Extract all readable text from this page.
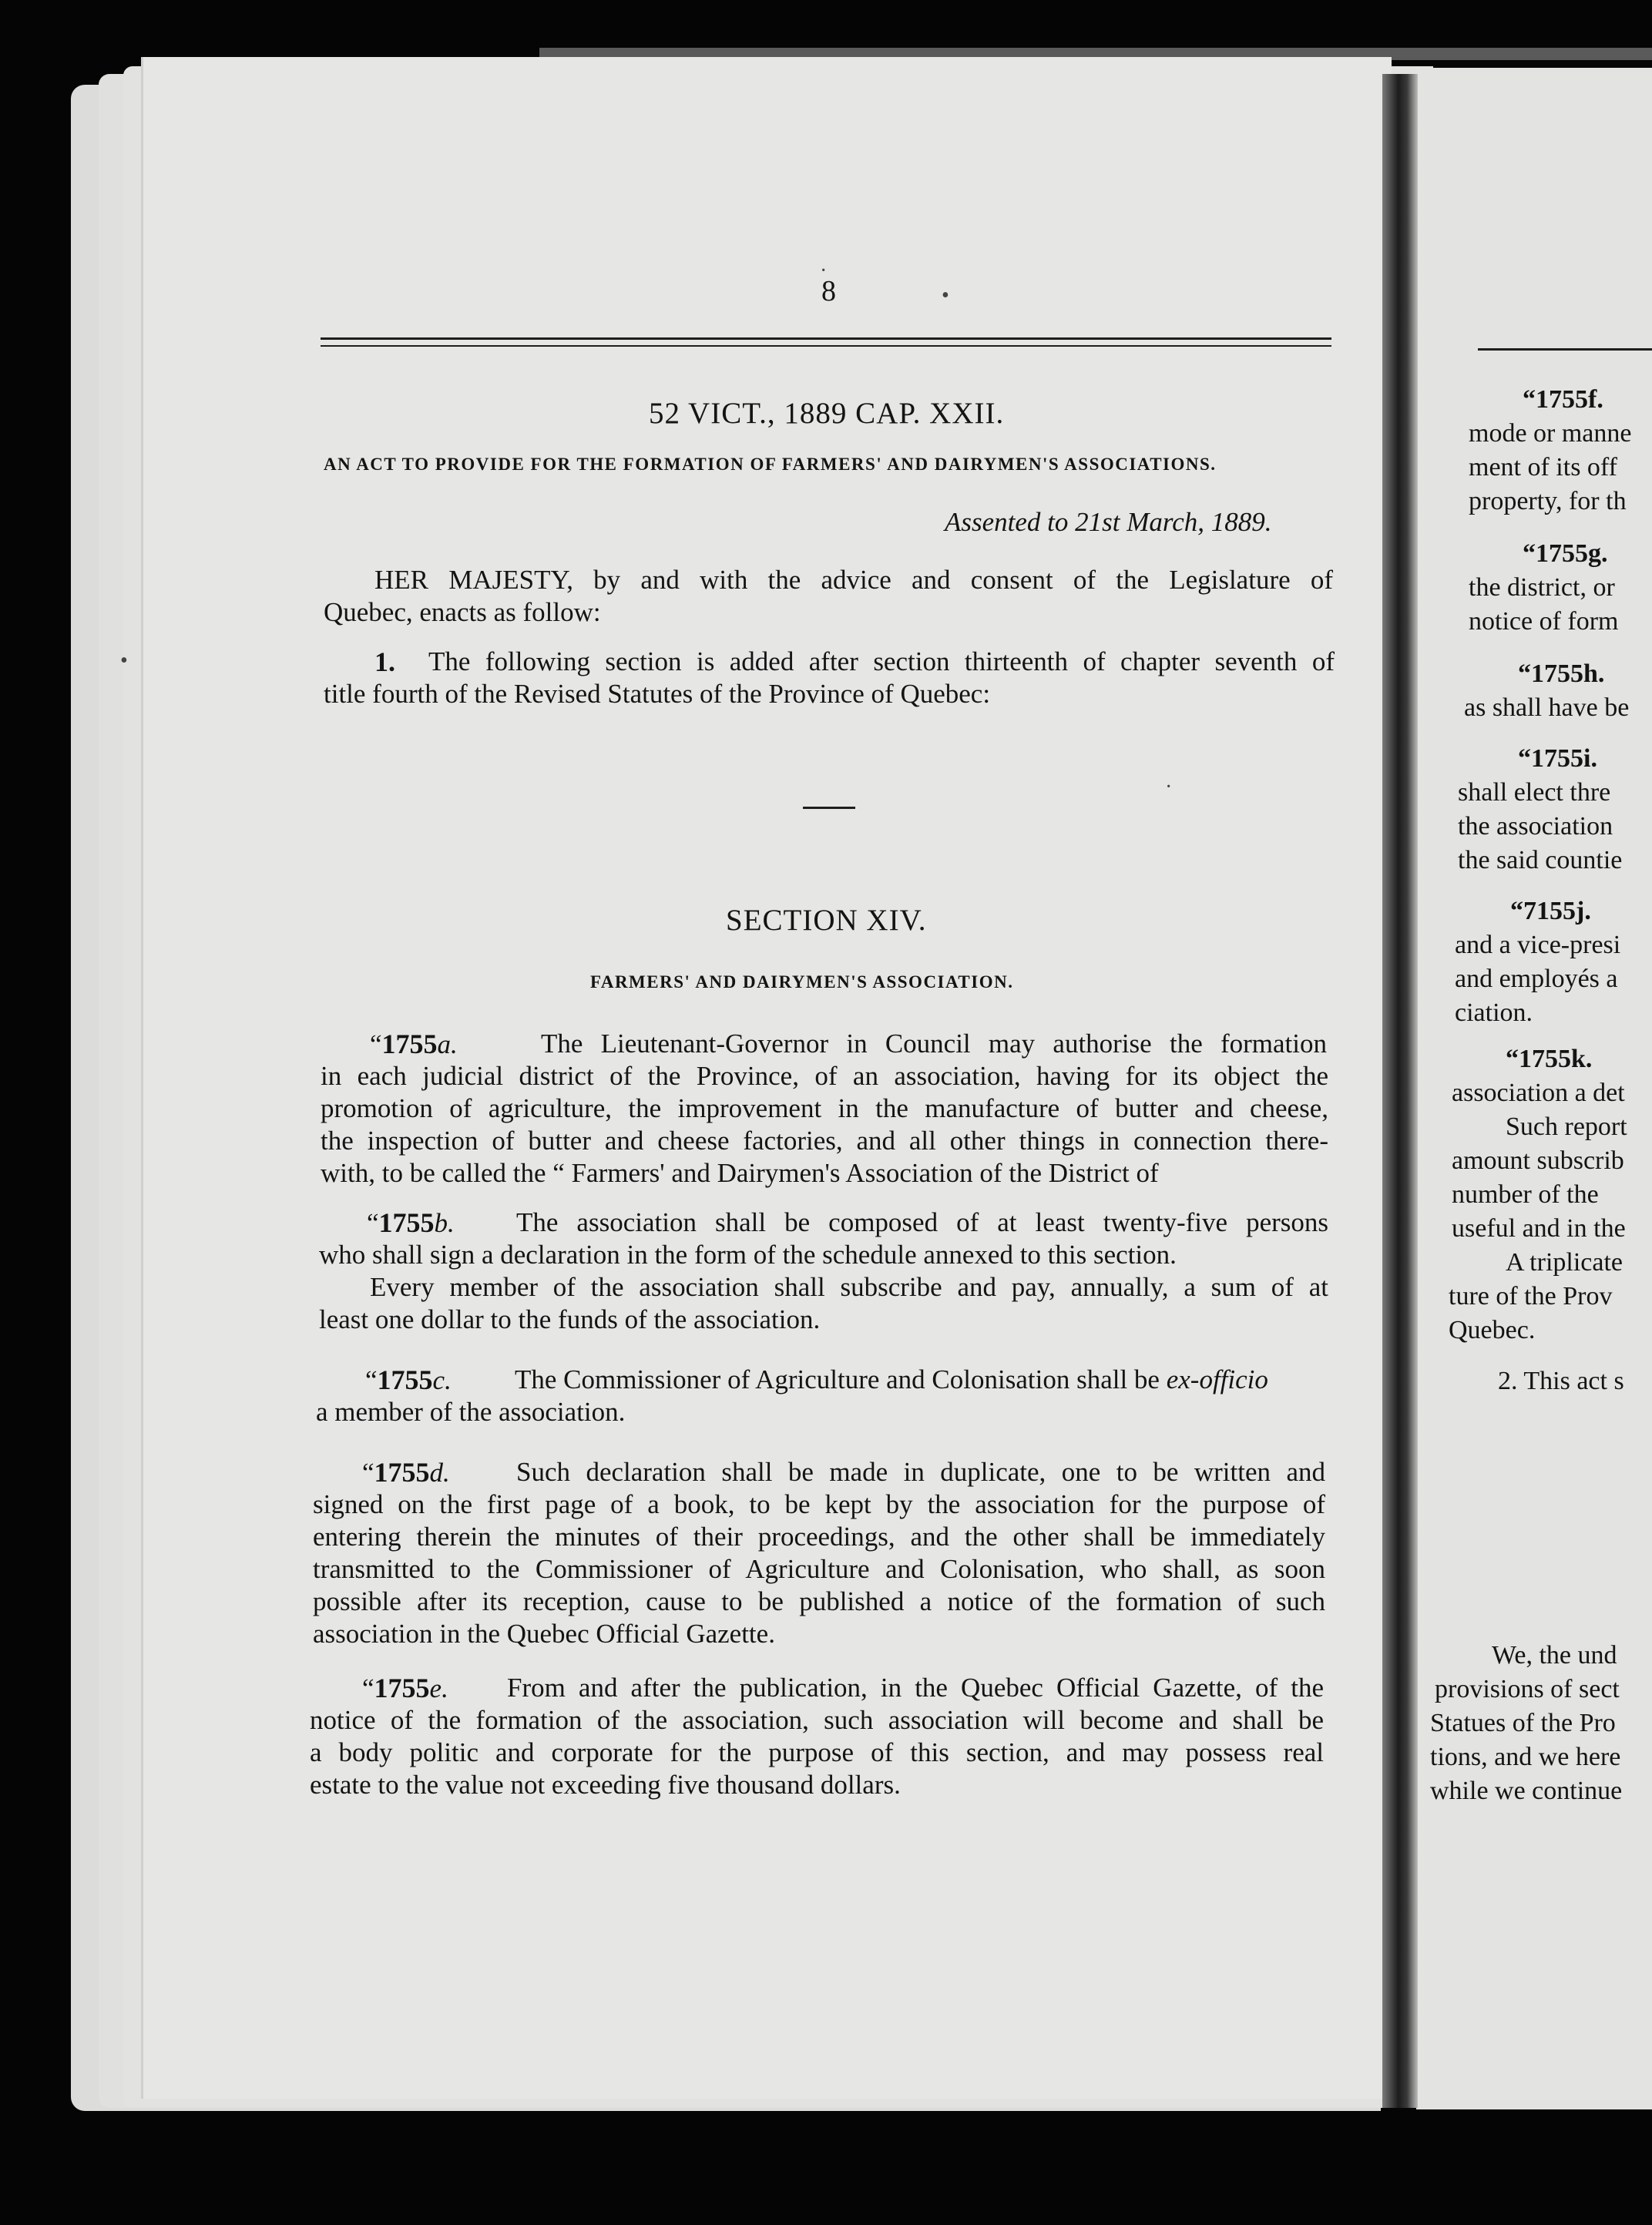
8
52 VICT., 1889 CAP. XXII.
AN ACT TO PROVIDE FOR THE FORMATION OF FARMERS' AND DAIRYMEN'S ASSOCIATIONS.
Assented to 21st March, 1889.
HER MAJESTY, by and with the advice and consent of the Legislature of
Quebec, enacts as follow:
1. The following section is added after section thirteenth of chapter seventh of
title fourth of the Revised Statutes of the Province of Quebec:
SECTION XIV.
FARMERS' AND DAIRYMEN'S ASSOCIATION.
“1755a.	The Lieutenant-Governor in Council may authorise the formation
in each judicial district of the Province, of an association, having for its object the
promotion of agriculture, the improvement in the manufacture of butter and cheese,
the inspection of butter and cheese factories, and all other things in connection there-
with, to be called the “ Farmers' and Dairymen's Association of the District of
“1755b. The association shall be composed of at least twenty-five persons
who shall sign a declaration in the form of the schedule annexed to this section.
Every member of the association shall subscribe and pay, annually, a sum of at
least one dollar to the funds of the association.
“1755c. The Commissioner of Agriculture and Colonisation shall be ex-officio
a member of the association.
“1755d. Such declaration shall be made in duplicate, one to be written and
signed on the first page of a book, to be kept by the association for the purpose of
entering therein the minutes of their proceedings, and the other shall be immediately
transmitted to the Commissioner of Agriculture and Colonisation, who shall, as soon
possible after its reception, cause to be published a notice of the formation of such
association in the Quebec Official Gazette.
“1755e. From and after the publication, in the Quebec Official Gazette, of the
notice of the formation of the association, such association will become and shall be
a body politic and corporate for the purpose of this section, and may possess real
estate to the value not exceeding five thousand dollars.
·
•
•
·
“1755f.
mode or manne
ment of its off
property, for th
“1755g.
the district, or
notice of form
“1755h.
as shall have be
“1755i.
shall elect thre
the association
the said countie
“7155j.
and a vice-presi
and employés a
ciation.
“1755k.
association a det
Such report
amount subscrib
number of the
useful and in the
A triplicate
ture of the Prov
Quebec.
2. This act s
We, the und
provisions of sect
Statues of the Pro
tions, and we here
while we continue
